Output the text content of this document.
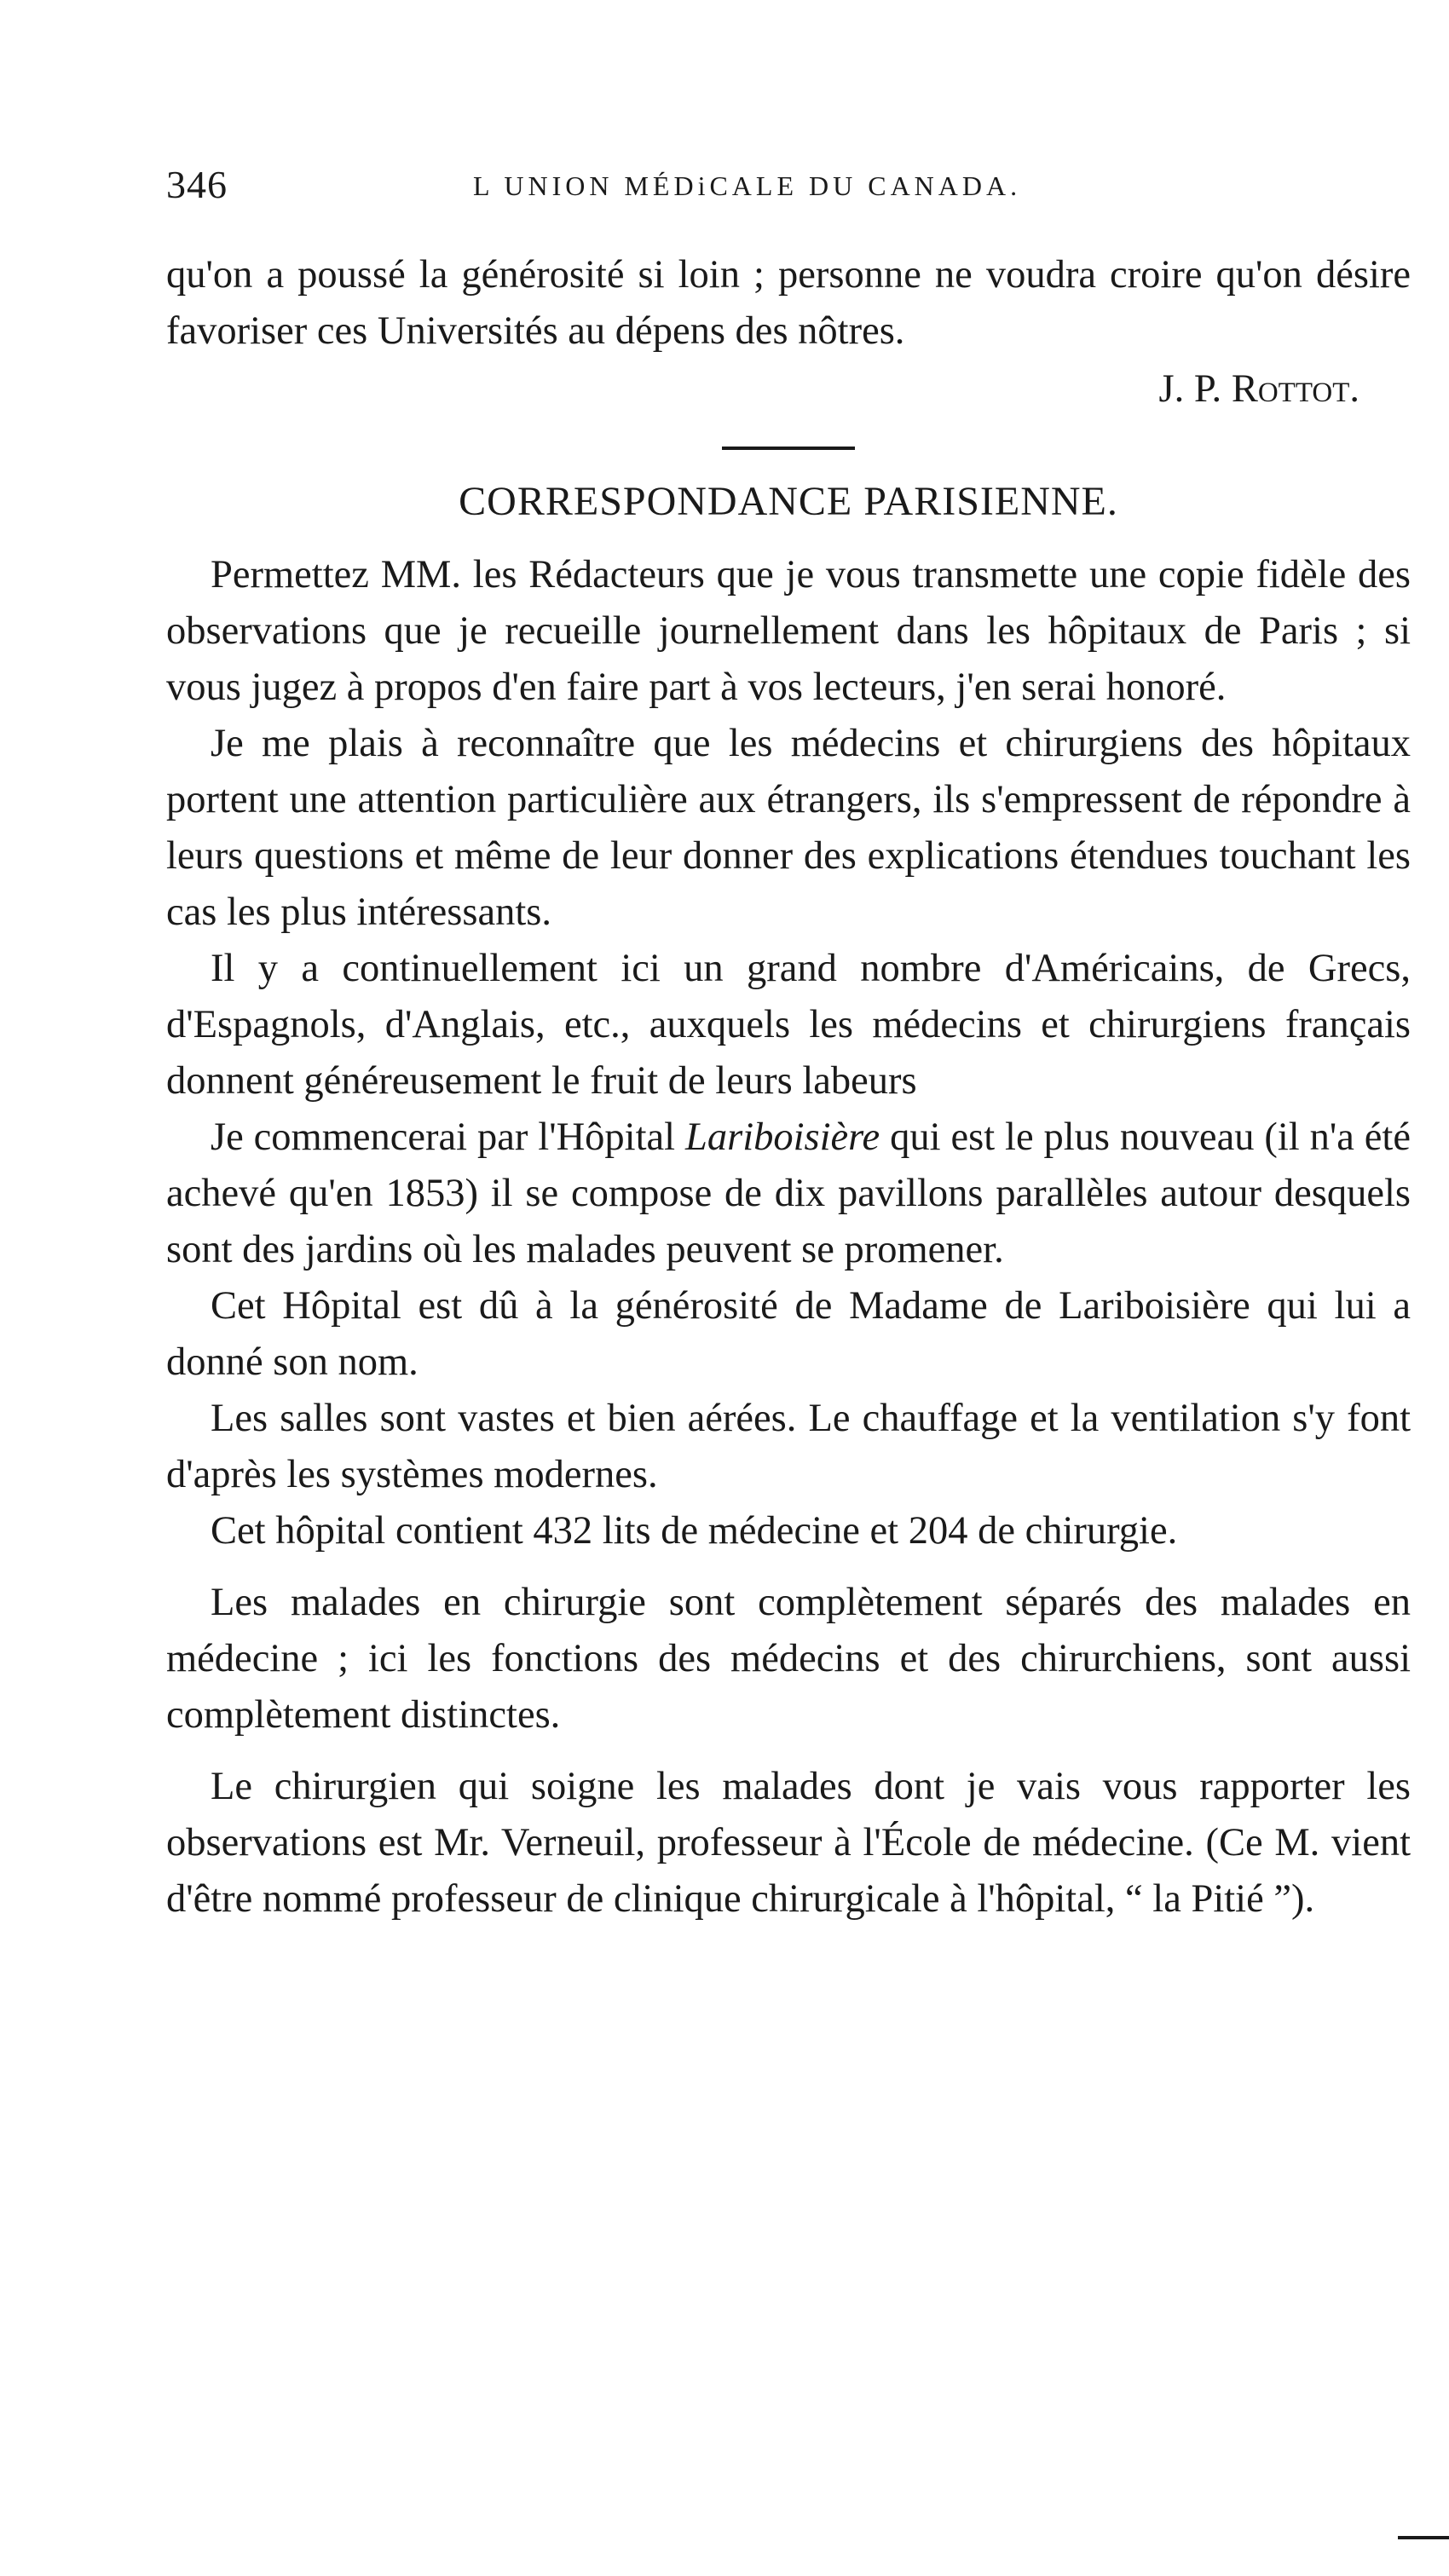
346	L UNION MÉDiCALE DU CANADA.

qu'on a poussé la générosité si loin ; personne ne voudra croire qu'on désire favoriser ces Universités au dépens des nôtres.

J. P. Rottot.

CORRESPONDANCE PARISIENNE.

Permettez MM. les Rédacteurs que je vous transmette une copie fidèle des observations que je recueille journellement dans les hôpitaux de Paris ; si vous jugez à propos d'en faire part à vos lecteurs, j'en serai honoré.

Je me plais à reconnaître que les médecins et chirurgiens des hôpitaux portent une attention particulière aux étrangers, ils s'empressent de répondre à leurs questions et même de leur donner des explications étendues touchant les cas les plus intéressants.

Il y a continuellement ici un grand nombre d'Américains, de Grecs, d'Espagnols, d'Anglais, etc., auxquels les médecins et chirurgiens français donnent généreusement le fruit de leurs labeurs

Je commencerai par l'Hôpital Lariboisière qui est le plus nouveau (il n'a été achevé qu'en 1853) il se compose de dix pavillons parallèles autour desquels sont des jardins où les malades peuvent se promener.

Cet Hôpital est dû à la générosité de Madame de Lariboisière qui lui a donné son nom.

Les salles sont vastes et bien aérées. Le chauffage et la ventilation s'y font d'après les systèmes modernes.

Cet hôpital contient 432 lits de médecine et 204 de chirurgie.

Les malades en chirurgie sont complètement séparés des malades en médecine ; ici les fonctions des médecins et des chirurchiens, sont aussi complètement distinctes.

Le chirurgien qui soigne les malades dont je vais vous rapporter les observations est Mr. Verneuil, professeur à l'École de médecine. (Ce M. vient d'être nommé professeur de clinique chirurgicale à l'hôpital, “ la Pitié ”).
